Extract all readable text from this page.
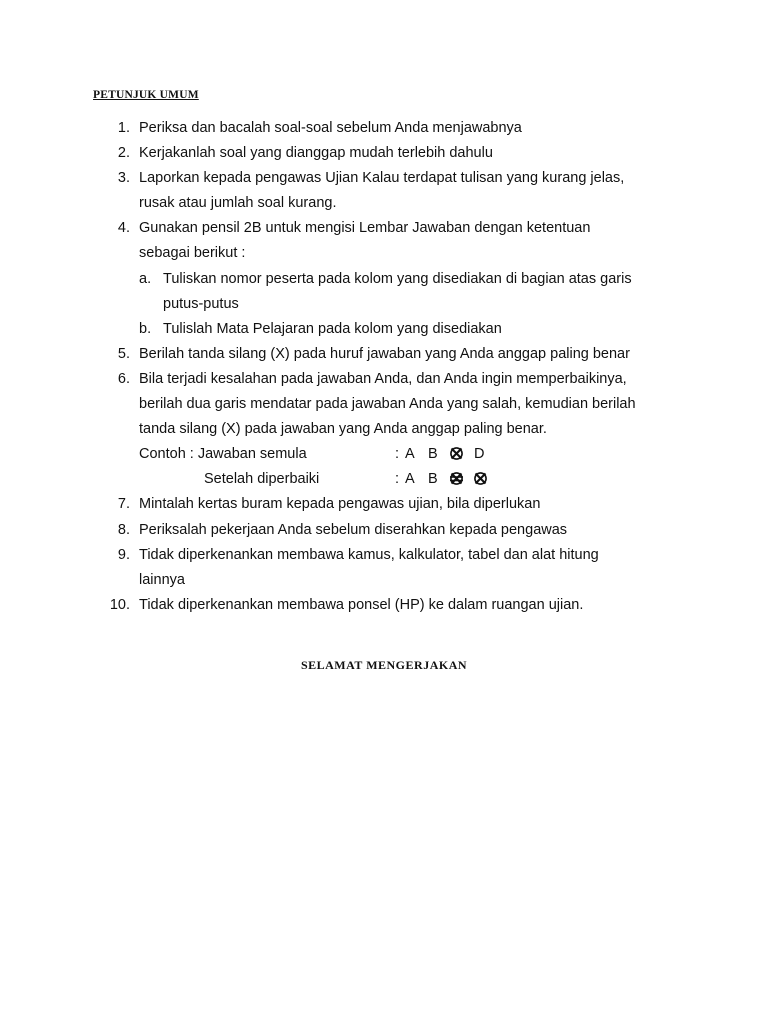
PETUNJUK UMUM
1. Periksa dan bacalah soal-soal sebelum Anda menjawabnya
2. Kerjakanlah soal yang dianggap mudah terlebih dahulu
3. Laporkan kepada pengawas Ujian Kalau terdapat tulisan yang kurang jelas,
rusak atau jumlah soal kurang.
4. Gunakan pensil 2B untuk mengisi Lembar Jawaban dengan ketentuan
sebagai berikut :
a. Tuliskan nomor peserta pada kolom yang disediakan di bagian atas garis
putus-putus
b. Tulislah Mata Pelajaran pada kolom yang disediakan
5. Berilah tanda silang (X) pada huruf jawaban yang Anda anggap paling benar
6. Bila terjadi kesalahan pada jawaban Anda, dan Anda ingin memperbaikinya,
berilah dua garis mendatar pada jawaban Anda yang salah, kemudian berilah
tanda silang (X) pada jawaban yang Anda anggap paling benar.
Contoh : Jawaban semula	: A B	D
Setelah diperbaiki	: A B
7. Mintalah kertas buram kepada pengawas ujian, bila diperlukan
8. Periksalah pekerjaan Anda sebelum diserahkan kepada pengawas
9. Tidak diperkenankan membawa kamus, kalkulator, tabel dan alat hitung
lainnya
10. Tidak diperkenankan membawa ponsel (HP) ke dalam ruangan ujian.

SELAMAT MENGERJAKAN
